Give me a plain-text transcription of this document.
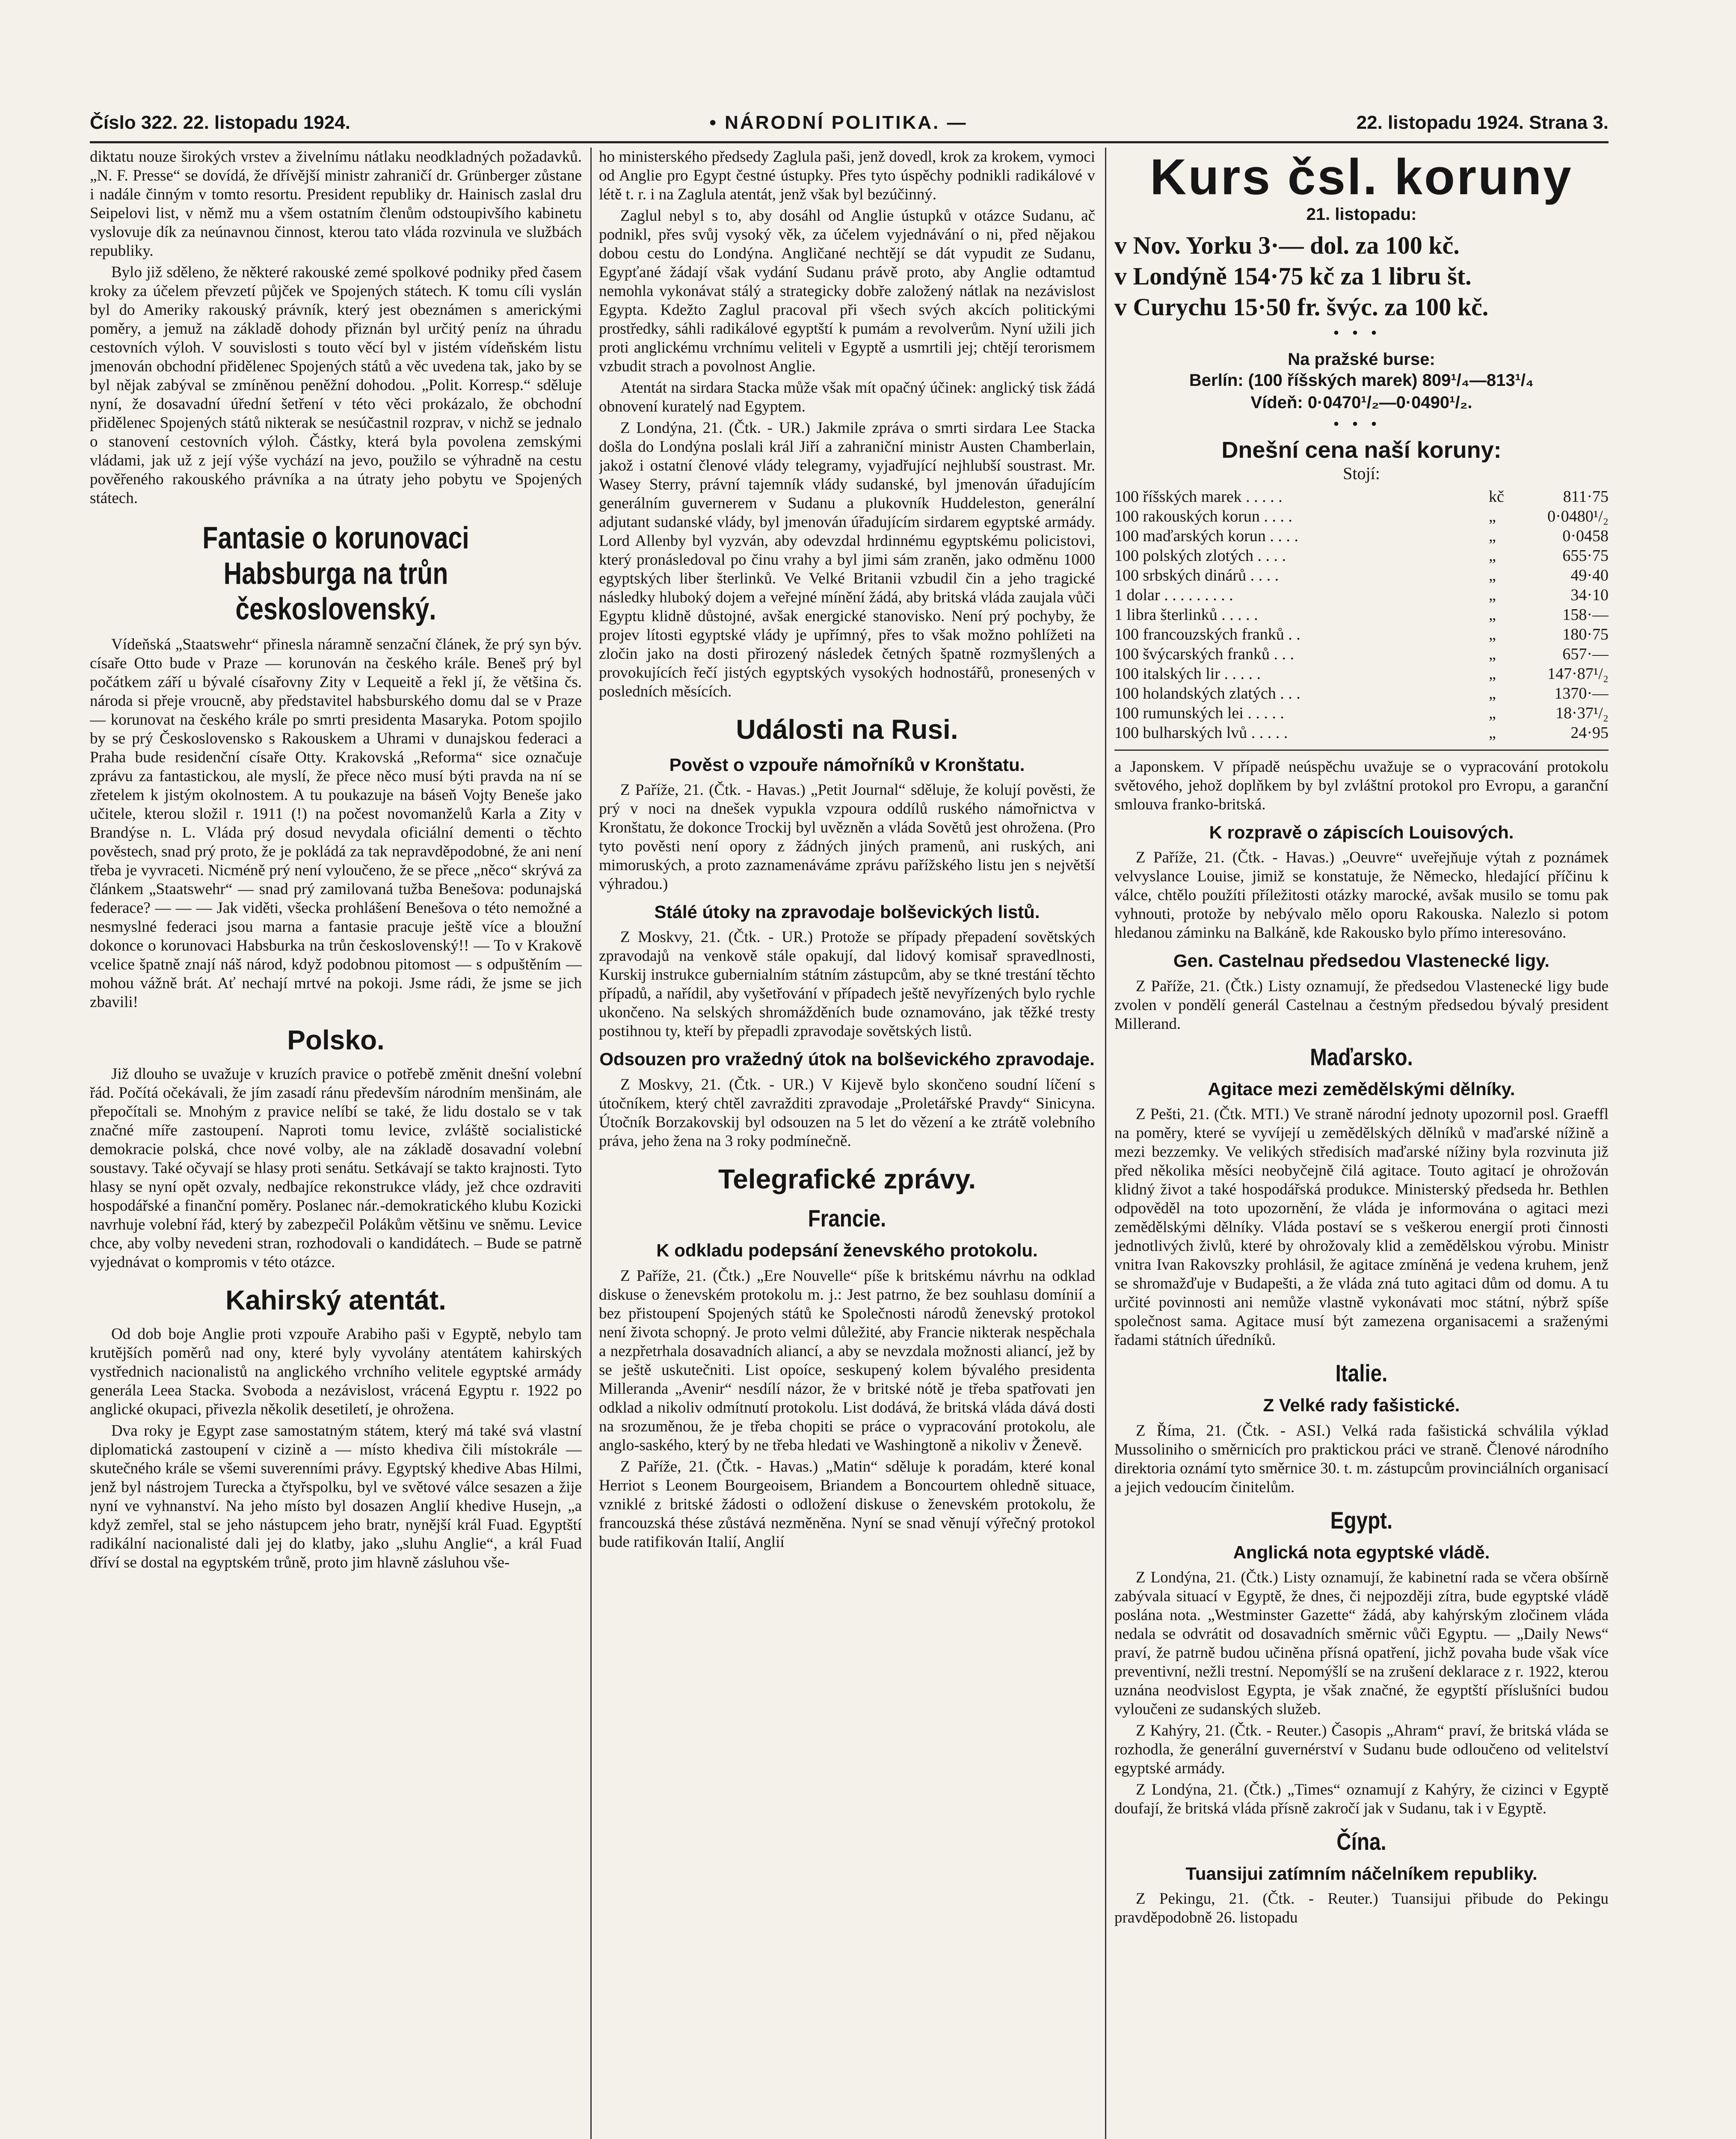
Číslo 322. 22. listopadu 1924.	• NÁRODNÍ POLITIKA. —	22. listopadu 1924. Strana 3.

diktatu nouze širokých vrstev a živelnímu nátlaku neodkladných požadavků. „N. F. Presse“ se dovídá, že dřívější ministr zahraničí dr. Grünberger zůstane i nadále činným v tomto resortu. President republiky dr. Hainisch zaslal dru Seipelovi list, v němž mu a všem ostatním členům odstoupivšího kabinetu vyslovuje dík za neúnavnou činnost, kterou tato vláda rozvinula ve službách republiky.

Bylo již sděleno, že některé rakouské zemé spolkové podniky před časem kroky za účelem převzetí půjček ve Spojených státech. K tomu cíli vyslán byl do Ameriky rakouský právník, který jest obeznámen s americkými poměry, a jemuž na základě dohody přiznán byl určitý peníz na úhradu cestovních výloh. V souvislosti s touto věcí byl v jistém vídeňském listu jmenován obchodní přidělenec Spojených států a věc uvedena tak, jako by se byl nějak zabýval se zmíněnou peněžní dohodou. „Polit. Korresp.“ sděluje nyní, že dosavadní úřední šetření v této věci prokázalo, že obchodní přidělenec Spojených států nikterak se nesúčastnil rozprav, v nichž se jednalo o stanovení cestovních výloh. Částky, která byla povolena zemskými vládami, jak už z její výše vychází na jevo, použilo se výhradně na cestu pověřeného rakouského právníka a na útraty jeho pobytu ve Spojených státech.

Fantasie o korunovaci Habsburga na trůn československý.

Vídeňská „Staatswehr“ přinesla náramně senzační článek, že prý syn býv. císaře Otto bude v Praze — korunován na českého krále. Beneš prý byl počátkem září u bývalé císařovny Zity v Lequeitě a řekl jí, že většina čs. národa si přeje vroucně, aby představitel habsburského domu dal se v Praze — korunovat na českého krále po smrti presidenta Masaryka. Potom spojilo by se prý Československo s Rakouskem a Uhrami v dunajskou federaci a Praha bude residenční císaře Otty. Krakovská „Reforma“ sice označuje zprávu za fantastickou, ale myslí, že přece něco musí býti pravda na ní se zřetelem k jistým okolnostem. A tu poukazuje na báseň Vojty Beneše jako učitele, kterou složil r. 1911 (!) na počest novomanželů Karla a Zity v Brandýse n. L. Vláda prý dosud nevydala oficiální dementi o těchto pověstech, snad prý proto, že je pokládá za tak nepravděpodobné, že ani není třeba je vyvraceti. Nicméně prý není vyloučeno, že se přece „něco“ skrývá za článkem „Staatswehr“ — snad prý zamilovaná tužba Benešova: podunajská federace? — — — Jak viděti, všecka prohlášení Benešova o tétо nemožné a nesmyslné federaci jsou marna a fantasie pracuje ještě více a bloužní dokonce o korunovaci Habsburka na trůn československý!! — To v Krakově vcelice špatně znají náš národ, když podobnou pitomost — s odpuštěním — mohou vážně brát. Ať nechají mrtvé na pokoji. Jsme rádi, že jsme se jich zbavili!

Polsko.

Již dlouho se uvažuje v kruzích pravice o potřebě změnit dnešní volební řád. Počítá očekávali, že jím zasadí ránu především národním menšinám, ale přepočítali se. Mnohým z pravice nelíbí se také, že lidu dostalo se v tak značné míře zastoupení. Naproti tomu levice, zvláště socialistické demokracie polská, chce nové volby, ale na základě dosavadní volební soustavy. Také očyvají se hlasy proti senátu. Setkávají se takto krajnosti. Tyto hlasy se nyní opět ozvaly, nedbajíce rekonstrukce vlády, jež chce ozdraviti hospodářské a finanční poměry. Poslanec nár.-demokratického klubu Kozicki navrhuje volební řád, který by zabezpečil Polákům většinu ve sněmu. Levice chce, aby volby nevedeni stran, rozhodovali o kandidátech. – Bude se patrně vyjednávat o kompromis v této otázce.

Kahirský atentát.

Od dob boje Anglie proti vzpouře Arabiho paši v Egyptě, nebylo tam krutějších poměrů nad ony, které byly vyvolány atentátem kahirských vystřednich nacionalistů na anglického vrchního velitele egyptské armády generála Leea Stacka. Svoboda a nezávislost, vrácená Egyptu r. 1922 po anglické okupaci, přivezla několik desetiletí, je ohrožena.

Dva roky je Egypt zase samostatným státem, který má také svá vlastní diplomatická zastoupení v cizině a — místo khediva čili místokrále — skutečného krále se všemi suverenními právy. Egyptský khedive Abas Hilmi, jenž byl nástrojem Turecka a čtyřspolku, byl ve světové válce sesazen a žije nyní ve vyhnanství. Na jeho místo byl dosazen Anglií khedive Husejn, „a když zemřel, stal se jeho nástupcem jeho bratr, nynější král Fuad. Egyptští radikální nacionalisté dali jej do klatby, jako „sluhu Anglie“, a král Fuad dříví se dostal na egyptském trůně, proto jim hlavně zásluhou vše-

ho ministerského předsedy Zaglula paši, jenž dovedl, krok za krokem, vymoci od Anglie pro Egypt čestné ústupky. Přes tyto úspěchy podnikli radikálové v létě t. r. i na Zaglula atentát, jenž však byl bezúčinný.

Zaglul nebyl s to, aby dosáhl od Anglie ústupků v otázce Sudanu, ač podnikl, přes svůj vysoký věk, za účelem vyjednávání o ni, před nějakou dobou cestu do Londýna. Angličané nechtějí se dát vypudit ze Sudanu, Egypťané žádají však vydání Sudanu právě proto, aby Anglie odtamtud nemohla vykonávat stálý a strategicky dobře založený nátlak na nezávislost Egypta. Kdežto Zaglul pracoval při všech svých akcích politickými prostředky, sáhli radikálové egyptští k pumám a revolverům. Nyní užili jich proti anglickému vrchnímu veliteli v Egyptě a usmrtili jej; chtějí terorismem vzbudit strach a povolnost Anglie.

Atentát na sirdara Stacka může však mít opačný účinek: anglický tisk žádá obnovení kuratelý nad Egyptem.

Z Londýna, 21. (Čtk. - UR.) Jakmile zpráva o smrti sirdara Lee Stacka došla do Londýna poslali král Jiří a zahraniční ministr Austen Chamberlain, jakož i ostatní členové vlády telegramy, vyjadřující nejhlubší soustrast. Mr. Wasey Sterry, právní tajemník vlády sudanské, byl jmenován úřadujícím generálním guvernerem v Sudanu a plukovník Huddeleston, generální adjutant sudanské vlády, byl jmenován úřadujícím sirdarem egyptské armády. Lord Allenby byl vyzván, aby odevzdal hrdinnému egyptskému policistovi, který pronásledoval po činu vrahy a byl jimi sám zraněn, jako odměnu 1000 egyptských liber šterlinků. Ve Velké Britanii vzbudil čin a jeho tragické následky hluboký dojem a veřejné mínění žádá, aby britská vláda zaujala vůči Egyptu klidně důstojné, avšak energické stanovisko. Není prý pochyby, že projev lítosti egyptské vlády je upřímný, přes to však možno pohlížeti na zločin jako na dosti přirozený následek četných špatně rozmyšlených a provokujících řečí jistých egyptských vysokých hodnostářů, pronesených v posledních měsících.

Události na Rusi.
Pověst o vzpouře námořníků v Kronštatu.

Z Paříže, 21. (Čtk. - Havas.) „Petit Journal“ sděluje, že kolují pověsti, že prý v noci na dnešek vypukla vzpoura oddílů ruského námořnictva v Kronštatu, že dokonce Trockij byl uvězněn a vláda Sovětů jest ohrožena. (Pro tyto pověsti není opory z žádných jiných pramenů, ani ruských, ani mimoruských, a proto zaznamenáváme zprávu pařížského listu jen s největší výhradou.)

Stálé útoky na zpravodaje bolševických listů.

Z Moskvy, 21. (Čtk. - UR.) Protože se případy přepadení sovětských zpravodajů na venkově stále opakují, dal lidový komisař spravedlnosti, Kurskij instrukce gubernialním státním zástupcům, aby se tkné trestání těchto případů, a nařídil, aby vyšetřování v případech ještě nevyřízených bylo rychle ukončeno. Na selských shromážděních bude oznamováno, jak těžké tresty postihnou ty, kteří by přepadli zpravodaje sovětských listů.

Odsouzen pro vražedný útok na bolševického zpravodaje.

Z Moskvy, 21. (Čtk. - UR.) V Kijevě bylo skončeno soudní líčení s útočníkem, který chtěl zavražditi zpravodaje „Proletářské Pravdy“ Sinicyna. Útočník Borzakovskij byl odsouzen na 5 let do vězení a ke ztrátě volebního práva, jeho žena na 3 roky podmínečně.

Telegrafické zprávy.
Francie.
K odkladu podepsání ženevského protokolu.

Z Paříže, 21. (Čtk.) „Ere Nouvelle“ píše k britskému návrhu na odklad diskuse o ženevském protokolu m. j.: Jest patrno, že bez souhlasu domínií a bez přistoupení Spojených států ke Společnosti národů ženevský protokol není životа schopný. Je proto velmi důležité, aby Francie nikterak nespěchala a nezpřetrhala dosavadních aliancí, a aby se nevzdala možnosti aliancí, jež by se ještě uskutečniti. List opoíce, seskupený kolem bývalého presidenta Milleranda „Avenir“ nesdílí názor, že v britské nótě je třeba spatřovati jen odklad a nikoliv odmítnutí protokolu. List dodává, že britská vláda dává dosti na srozuměnou, že je třeba chopiti se práce o vypracování protokolu, ale anglo-saského, který by ne třeba hledati ve Washingtoně a nikoliv v Ženevě.

Z Paříže, 21. (Čtk. - Havas.) „Matin“ sděluje k poradám, které konal Herriot s Leonem Bourgeoisem, Briandem a Boncourtem ohledně situace, vzniklé z britské žádosti o odložení diskuse o ženevském protokolu, že francouzská thése zůstává nezměněna. Nyní se snad věnují výřečný protokol bude ratifikován Italií, Anglií

Kurs čsl. koruny
21. listopadu:
v Nov. Yorku 3·— dol. za 100 kč.
v Londýně 154·75 kč za 1 libru št.
v Curychu 15·50 fr. švýc. za 100 kč.
•••
Na pražské burse:
Berlín: (100 říšských marek) 809¹/₄—813¹/₄
Vídeň: 0·0470¹/₂—0·0490¹/₂.
•••
Dnešní cena naší koruny:
Stojí:
100 říšských marek . . . . .	kč	811·75
100 rakouských korun . . . .	„	0·0480¹/₂
100 maďarských korun . . . .	„	0·0458
100 polských zlotých . . . .	„	655·75
100 srbských dinárů . . . .	„	49·40
1 dolar . . . . . . . . .	„	34·10
1 libra šterlinků . . . . .	„	158·—
100 francouzských franků . .	„	180·75
100 švýcarských franků . . .	„	657·—
100 italských lir . . . . .	„	147·87¹/₂
100 holandských zlatých . . .	„	1370·—
100 rumunských lei . . . . .	„	18·37¹/₂
100 bulharských lvů . . . . .	„	24·95

a Japonskem. V případě neúspěchu uvažuje se o vypracování protokolu světového, jehož doplňkem by byl zvláštní protokol pro Evropu, a garanční smlouva franko-britská.

K rozpravě o zápiscích Louisových.

Z Paříže, 21. (Čtk. - Havas.) „Oeuvre“ uveřejňuje výtah z poznámek velvyslance Louise, jimiž se konstatuje, že Německo, hledající příčinu k válce, chtělo použíti příležitosti otázky marocké, avšak musilo se tomu pak vyhnouti, protože by nebývalo mělo oporu Rakouska. Nalezlo si potom hledanou záminku na Balkáně, kde Rakousko bylo přímo interesováno.

Gen. Castelnau předsedou Vlastenecké ligy.

Z Paříže, 21. (Čtk.) Listy oznamují, že předsedou Vlastenecké ligy bude zvolen v pondělí generál Castelnau a čestným předsedou bývalý president Millerand.

Maďarsko.
Agitace mezi zemědělskými dělníky.

Z Pešti, 21. (Čtk. MTI.) Ve straně národní jednoty upozornil posl. Graeffl na poměry, které se vyvíjejí u zemědělských dělníků v maďarské nížině a mezi bezzemky. Ve velikých středisích maďarské nížiny byla rozvinuta již před několika měsíci neobyčejně čilá agitace. Touto agitací je ohrožován klidný život a také hospodářská produkce. Ministerský předseda hr. Bethlen odpověděl na toto upozornění, že vláda je informována o agitaci mezi zemědělskými dělníky. Vláda postaví se s veškerou energií proti činnosti jednotlivých živlů, které by ohrožovaly klid a zemědělskou výrobu. Ministr vnitra Ivan Rakovszky prohlásil, že agitace zmíněná je vedena kruhem, jenž se shromažďuje v Budapešti, a že vláda zná tuto agitaci dům od domu. A tu určité povinnosti ani nemůže vlastně vykonávati moc státní, nýbrž spíše společnost sama. Agitace musí být zamezena organisacemi a sraženými řadami státních úředníků.

Italie.
Z Velké rady fašistické.

Z Říma, 21. (Čtk. - ASI.) Velká rada fašistická schválila výklad Mussoliniho o směrnicích pro praktickou práci ve straně. Členové národního direktoria oznámí tyto směrnice 30. t. m. zástupcům provinciálních organisací a jejich vedoucím činitelům.

Egypt.
Anglická nota egyptské vládě.

Z Londýna, 21. (Čtk.) Listy oznamují, že kabinetní rada se včera obšírně zabývala situací v Egyptě, že dnes, či nejpozději zítra, bude egyptské vládě poslána nota. „Westminster Gazette“ žádá, aby kahýrským zločinem vláda nedala se odvrátit od dosavadních směrnic vůči Egyptu. — „Daily News“ praví, že patrně budou učiněna přísná opatření, jichž povaha bude však více preventivní, nežli trestní. Nepomýšlí se na zrušení deklarace z r. 1922, kterou uznána neodvislost Egypta, je však značné, že egyptští příslušníci budou vyloučeni ze sudanských služeb.

Z Kahýry, 21. (Čtk. - Reuter.) Časopis „Ahram“ praví, že britská vláda se rozhodla, že generální guvernérství v Sudanu bude odloučeno od velitelství egyptské armády.

Z Londýna, 21. (Čtk.) „Times“ oznamují z Kahýry, že cizinci v Egyptě doufají, že britská vláda přísně zakročí jak v Sudanu, tak i v Egyptě.

Čína.
Tuansijui zatímním náčelníkem republiky.

Z Pekingu, 21. (Čtk. - Reuter.) Tuansijui přibude do Pekingu pravděpodobně 26. listopadu
